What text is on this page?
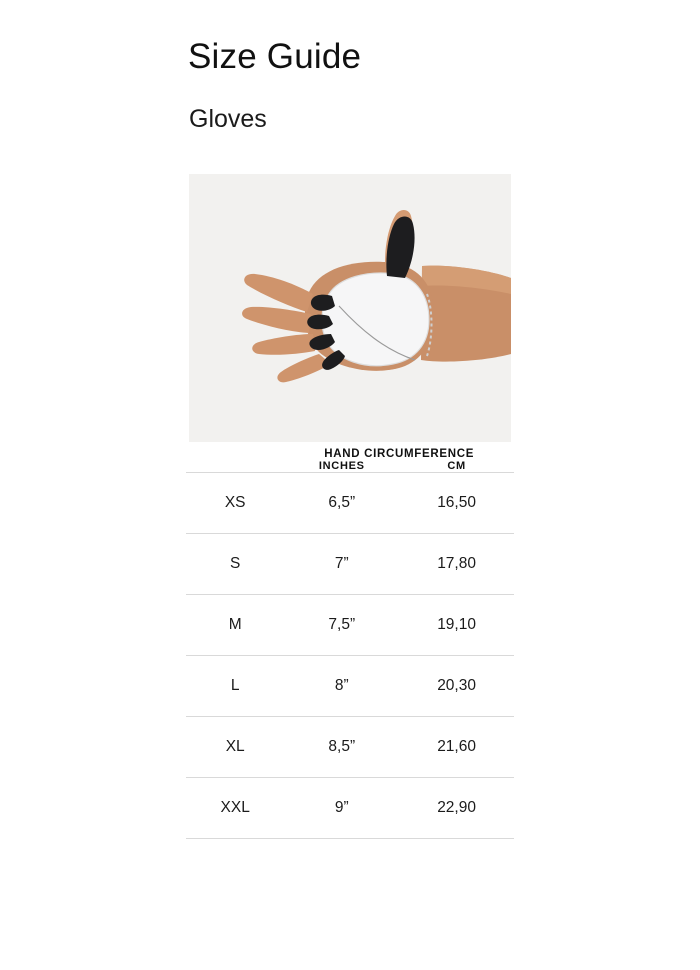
Size Guide
Gloves
	HAND CIRCUMFERENCE	
	INCHES	CM
XS	6,5”	16,50
S	7”	17,80
M	7,5”	19,10
L	8”	20,30
XL	8,5”	21,60
XXL	9”	22,90
